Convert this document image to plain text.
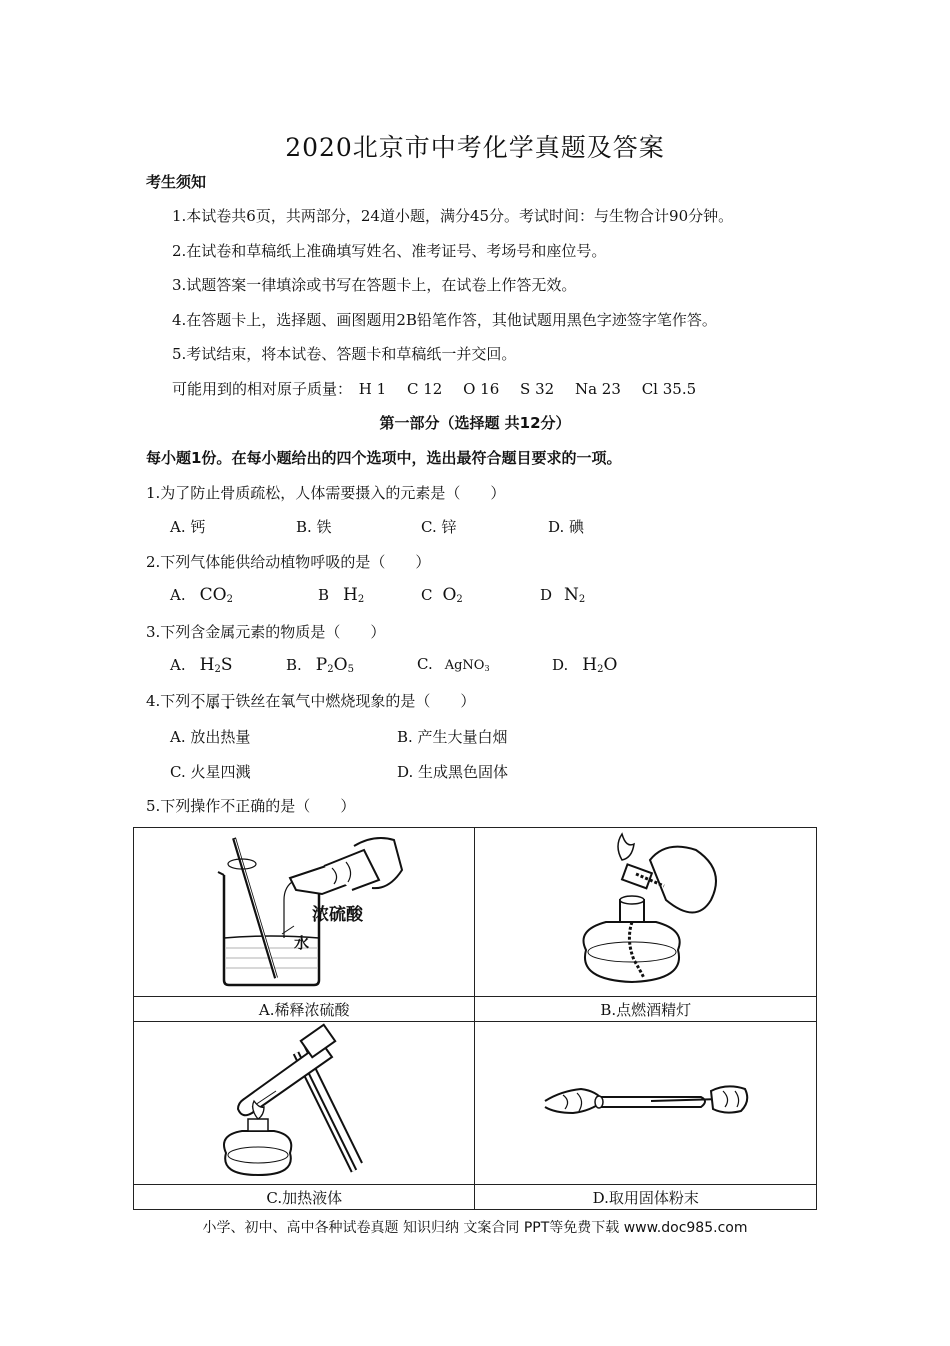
2020北京市中考化学真题及答案
考生须知
1.本试卷共6页，共两部分，24道小题，满分45分。考试时间：与生物合计90分钟。
2.在试卷和草稿纸上准确填写姓名、准考证号、考场号和座位号。
3.试题答案一律填涂或书写在答题卡上，在试卷上作答无效。
4.在答题卡上，选择题、画图题用2B铅笔作答，其他试题用黑色字迹签字笔作答。
5.考试结束，将本试卷、答题卡和草稿纸一并交回。
可能用到的相对原子质量： H 1 C 12 O 16 S 32 Na 23 Cl 35.5
第一部分（选择题 共12分）
每小题1份。在每小题给出的四个选项中，选出最符合题目要求的一项。
1.为了防止骨质疏松，人体需要摄入的元素是（　　）
A. 钙	B. 铁	C. 锌	D. 碘
2.下列气体能供给动植物呼吸的是（　　）
A. $CO_2$	B $H_2$	C $O_2$	D $N_2$
3.下列含金属元素的物质是（　　）
A. $H_2S$	B. $P_2O_5$	C. AgNO$_3$	D. $H_2O$
4.下列不属于铁丝在氧气中燃烧现象的是（　　）
A. 放出热量	B. 产生大量白烟
C. 火星四溅	D. 生成黑色固体
5.下列操作不正确的是（　　）
浓硫酸
水

A.稀释浓硫酸	B.点燃酒精灯

C.加热液体	D.取用固体粉末
小学、初中、高中各种试卷真题 知识归纳 文案合同 PPT等免费下载 www.doc985.com
